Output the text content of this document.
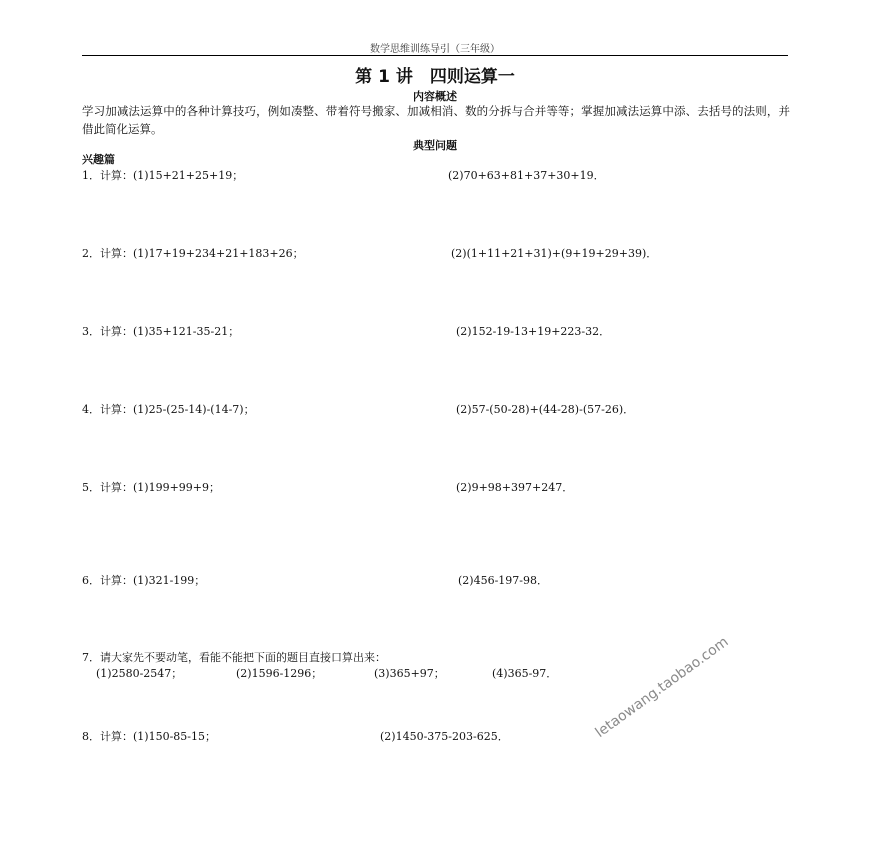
数学思维训练导引（三年级）
第 1 讲　四则运算一
内容概述
学习加减法运算中的各种计算技巧，例如凑整、带着符号搬家、加减相消、数的分拆与合并等等；掌握加减法运算中添、去括号的法则，并借此简化运算。
典型问题
兴趣篇
1．计算：(1)15+21+25+19；	(2)70+63+81+37+30+19．
2．计算：(1)17+19+234+21+183+26；	(2)(1+11+21+31)+(9+19+29+39)．
3．计算：(1)35+121-35-21；	(2)152-19-13+19+223-32．
4．计算：(1)25-(25-14)-(14-7)；	(2)57-(50-28)+(44-28)-(57-26)．
5．计算：(1)199+99+9；	(2)9+98+397+247．
6．计算：(1)321-199；	(2)456-197-98．
7．请大家先不要动笔，看能不能把下面的题目直接口算出来：
(1)2580-2547；	(2)1596-1296；	(3)365+97；	(4)365-97．
8．计算：(1)150-85-15；	(2)1450-375-203-625．	letaowang.taobao.com
